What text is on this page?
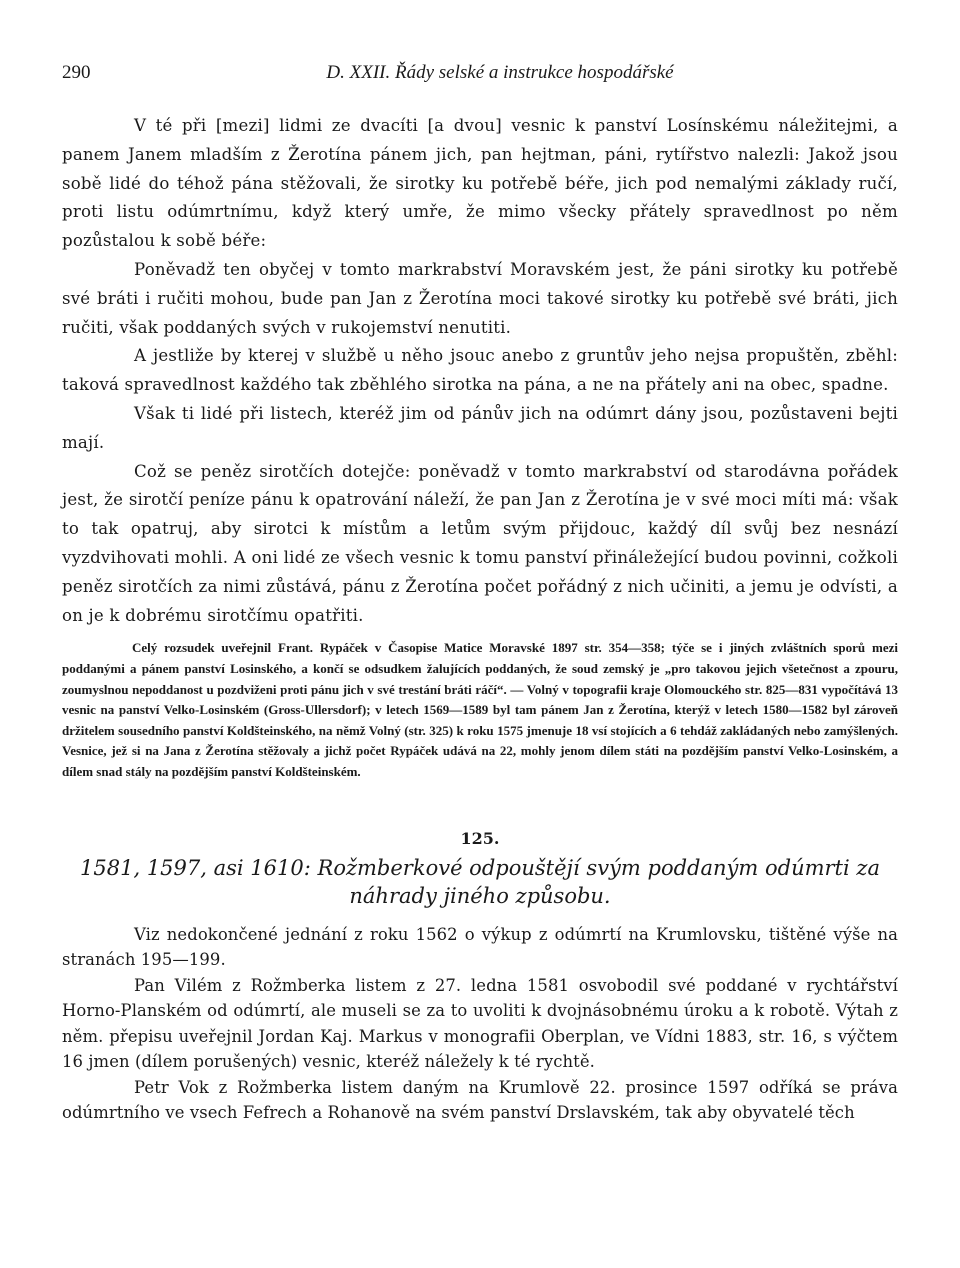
290	D. XXII. Řády selské a instrukce hospodářské

V té při [mezi] lidmi ze dvacíti [a dvou] vesnic k panství Losínskému náležitejmi, a panem Janem mladším z Žerotína pánem jich, pan hejtman, páni, rytířstvo nalezli: Jakož jsou sobě lidé do téhož pána stěžovali, že sirotky ku potřebě béře, jich pod nemalými základy ručí, proti listu odúmrtnímu, když který umře, že mimo všecky přátely spravedlnost po něm pozůstalou k sobě béře:

Poněvadž ten obyčej v tomto markrabství Moravském jest, že páni sirotky ku potřebě své bráti i ručiti mohou, bude pan Jan z Žerotína moci takové sirotky ku potřebě své bráti, jich ručiti, však poddaných svých v rukojemství nenutiti.

A jestliže by kterej v službě u něho jsouc anebo z gruntův jeho nejsa propuštěn, zběhl: taková spravedlnost každého tak zběhlého sirotka na pána, a ne na přátely ani na obec, spadne.

Však ti lidé při listech, kteréž jim od pánův jich na odúmrt dány jsou, pozůstaveni bejti mají.

Což se peněz sirotčích dotejče: poněvadž v tomto markrabství od starodávna pořádek jest, že sirotčí peníze pánu k opatrování náleží, že pan Jan z Žerotína je v své moci míti má: však to tak opatruj, aby sirotci k místům a letům svým přijdouc, každý díl svůj bez nesnází vyzdvihovati mohli. A oni lidé ze všech vesnic k tomu panství přináležející budou povinni, cožkoli peněz sirotčích za nimi zůstává, pánu z Žerotína počet pořádný z nich učiniti, a jemu je odvísti, a on je k dobrému sirotčímu opatřiti.

Celý rozsudek uveřejnil Frant. Rypáček v Časopise Matice Moravské 1897 str. 354—358; týče se i jiných zvláštních sporů mezi poddanými a pánem panství Losinského, a končí se odsudkem žalujících poddaných, že soud zemský je „pro takovou jejich všetečnost a zpouru, zoumyslnou nepoddanost u pozdviženi proti pánu jich v své trestání bráti ráčí“. — Volný v topografii kraje Olomouckého str. 825—831 vypočítává 13 vesnic na panství Velko-Losinském (Gross-Ullersdorf); v letech 1569—1589 byl tam pánem Jan z Žerotína, kterýž v letech 1580—1582 byl zároveň držitelem sousedního panství Koldšteinského, na němž Volný (str. 325) k roku 1575 jmenuje 18 vsí stojících a 6 tehdáž zakládaných nebo zamýšlených. Vesnice, jež si na Jana z Žerotína stěžovaly a jichž počet Rypáček udává na 22, mohly jenom dílem státi na pozdějším panství Velko-Losinském, a dílem snad stály na pozdějším panství Koldšteinském.

125.
1581, 1597, asi 1610: Rožmberkové odpouštějí svým poddaným odúmrti za náhrady jiného způsobu.

Viz nedokončené jednání z roku 1562 o výkup z odúmrtí na Krumlovsku, tištěné výše na stranách 195—199.

Pan Vilém z Rožmberka listem z 27. ledna 1581 osvobodil své poddané v rychtářství Horno-Planském od odúmrtí, ale museli se za to uvoliti k dvojnásobnému úroku a k robotě. Výtah z něm. přepisu uveřejnil Jordan Kaj. Markus v monografii Oberplan, ve Vídni 1883, str. 16, s výčtem 16 jmen (dílem porušených) vesnic, kteréž náležely k té rychtě.

Petr Vok z Rožmberka listem daným na Krumlově 22. prosince 1597 odříká se práva odúmrtního ve vsech Fefrech a Rohanově na svém panství Drslavském, tak aby obyvatelé těch
